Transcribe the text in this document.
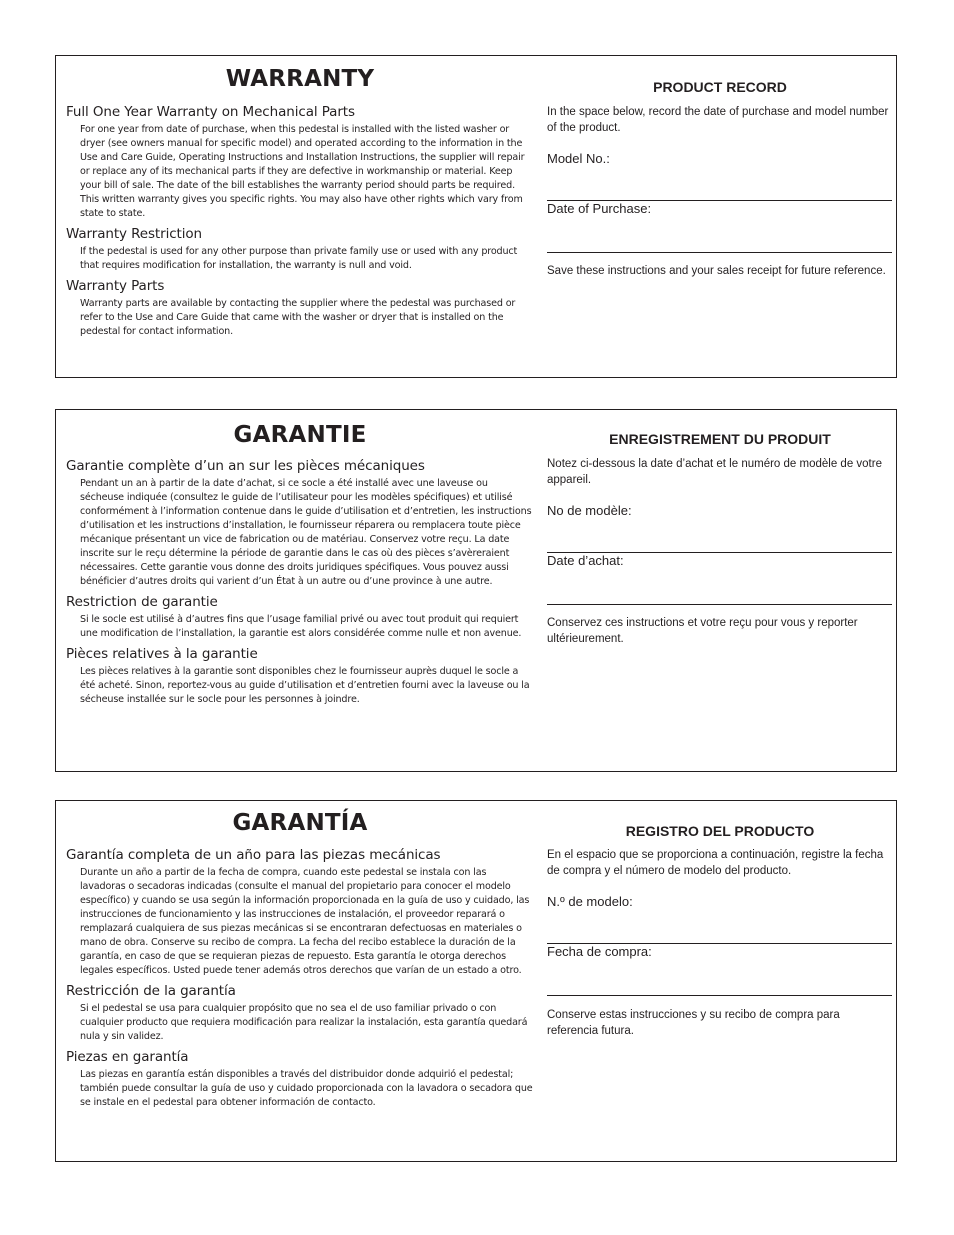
WARRANTY

Full One Year Warranty on Mechanical Parts

For one year from date of purchase, when this pedestal is installed with the listed washer or dryer (see owners manual for specific model) and operated according to the information in the Use and Care Guide, Operating Instructions and Installation Instructions, the supplier will repair or replace any of its mechanical parts if they are defective in workmanship or material. Keep your bill of sale. The date of the bill establishes the warranty period should parts be required. This written warranty gives you specific rights. You may also have other rights which vary from state to state.

Warranty Restriction

If the pedestal is used for any other purpose than private family use or used with any product that requires modification for installation, the warranty is null and void.

Warranty Parts

Warranty parts are available by contacting the supplier where the pedestal was purchased or refer to the Use and Care Guide that came with the washer or dryer that is installed on the pedestal for contact information.

PRODUCT RECORD

In the space below, record the date of purchase and model number of the product.

Model No.:

Date of Purchase:

Save these instructions and your sales receipt for future reference.

GARANTIE

Garantie complète d’un an sur les pièces mécaniques

Pendant un an à partir de la date d’achat, si ce socle a été installé avec une laveuse ou sécheuse indiquée (consultez le guide de l’utilisateur pour les modèles spécifiques) et utilisé conformément à l’information contenue dans le guide d’utilisation et d’entretien, les instructions d’utilisation et les instructions d’installation, le fournisseur réparera ou remplacera toute pièce mécanique présentant un vice de fabrication ou de matériau. Conservez votre reçu. La date inscrite sur le reçu détermine la période de garantie dans le cas où des pièces s’avèreraient nécessaires. Cette garantie vous donne des droits juridiques spécifiques. Vous pouvez aussi bénéficier d’autres droits qui varient d’un État à un autre ou d’une province à une autre.

Restriction de garantie

Si le socle est utilisé à d’autres fins que l’usage familial privé ou avec tout produit qui requiert une modification de l’installation, la garantie est alors considérée comme nulle et non avenue.

Pièces relatives à la garantie

Les pièces relatives à la garantie sont disponibles chez le fournisseur auprès duquel le socle a été acheté. Sinon, reportez-vous au guide d’utilisation et d’entretien fourni avec la laveuse ou la sécheuse installée sur le socle pour les personnes à joindre.

ENREGISTREMENT DU PRODUIT

Notez ci-dessous la date d’achat et le numéro de modèle de votre appareil.

No de modèle:

Date d’achat:

Conservez ces instructions et votre reçu pour vous y reporter ultérieurement.

GARANTÍA

Garantía completa de un año para las piezas mecánicas

Durante un año a partir de la fecha de compra, cuando este pedestal se instala con las lavadoras o secadoras indicadas (consulte el manual del propietario para conocer el modelo específico) y cuando se usa según la información proporcionada en la guía de uso y cuidado, las instrucciones de funcionamiento y las instrucciones de instalación, el proveedor reparará o remplazará cualquiera de sus piezas mecánicas si se encontraran defectuosas en materiales o mano de obra. Conserve su recibo de compra. La fecha del recibo establece la duración de la garantía, en caso de que se requieran piezas de repuesto. Esta garantía le otorga derechos legales específicos. Usted puede tener además otros derechos que varían de un estado a otro.

Restricción de la garantía

Si el pedestal se usa para cualquier propósito que no sea el de uso familiar privado o con cualquier producto que requiera modificación para realizar la instalación, esta garantía quedará nula y sin validez.

Piezas en garantía

Las piezas en garantía están disponibles a través del distribuidor donde adquirió el pedestal; también puede consultar la guía de uso y cuidado proporcionada con la lavadora o secadora que se instale en el pedestal para obtener información de contacto.

REGISTRO DEL PRODUCTO

En el espacio que se proporciona a continuación, registre la fecha de compra y el número de modelo del producto.

N.º de modelo:

Fecha de compra:

Conserve estas instrucciones y su recibo de compra para referencia futura.
